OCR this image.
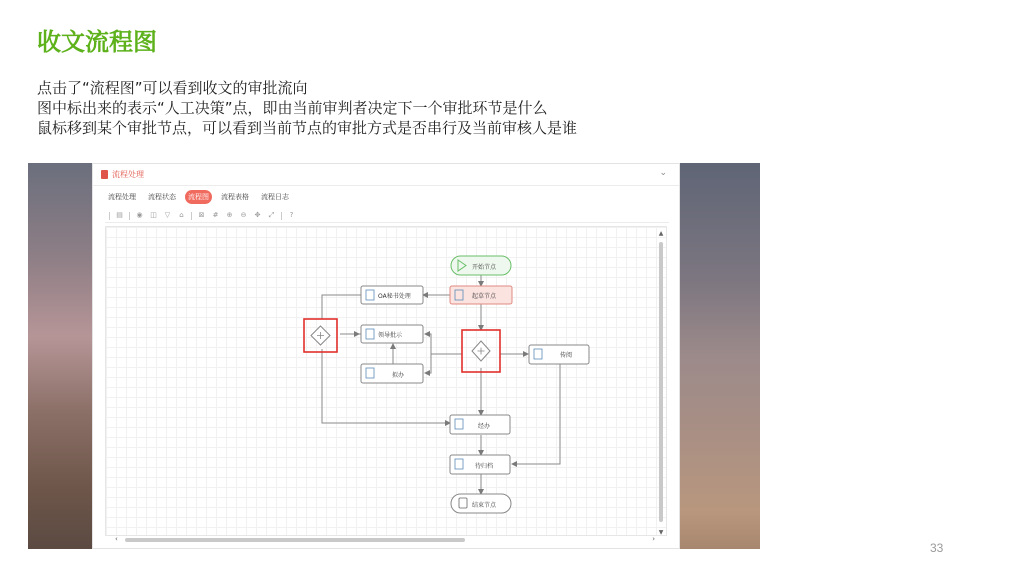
收文流程图
点击了“流程图”可以看到收文的审批流向
图中标出来的表示“人工决策”点，即由当前审判者决定下一个审批环节是什么
鼠标移到某个审批节点，可以看到当前节点的审批方式是否串行及当前审核人是谁
流程处理	⌄
流程处理	流程状态	流程图	流程表格	流程日志
▤ ◉ ◫ ▽	⌂	⊠ # ⊕ ⊖ ✥ ⤢	?
开始节点
OA秘书处理	起草节点
领导批示
传阅
拟办
经办
待归档
结束节点
▲
▼
‹	›
33
